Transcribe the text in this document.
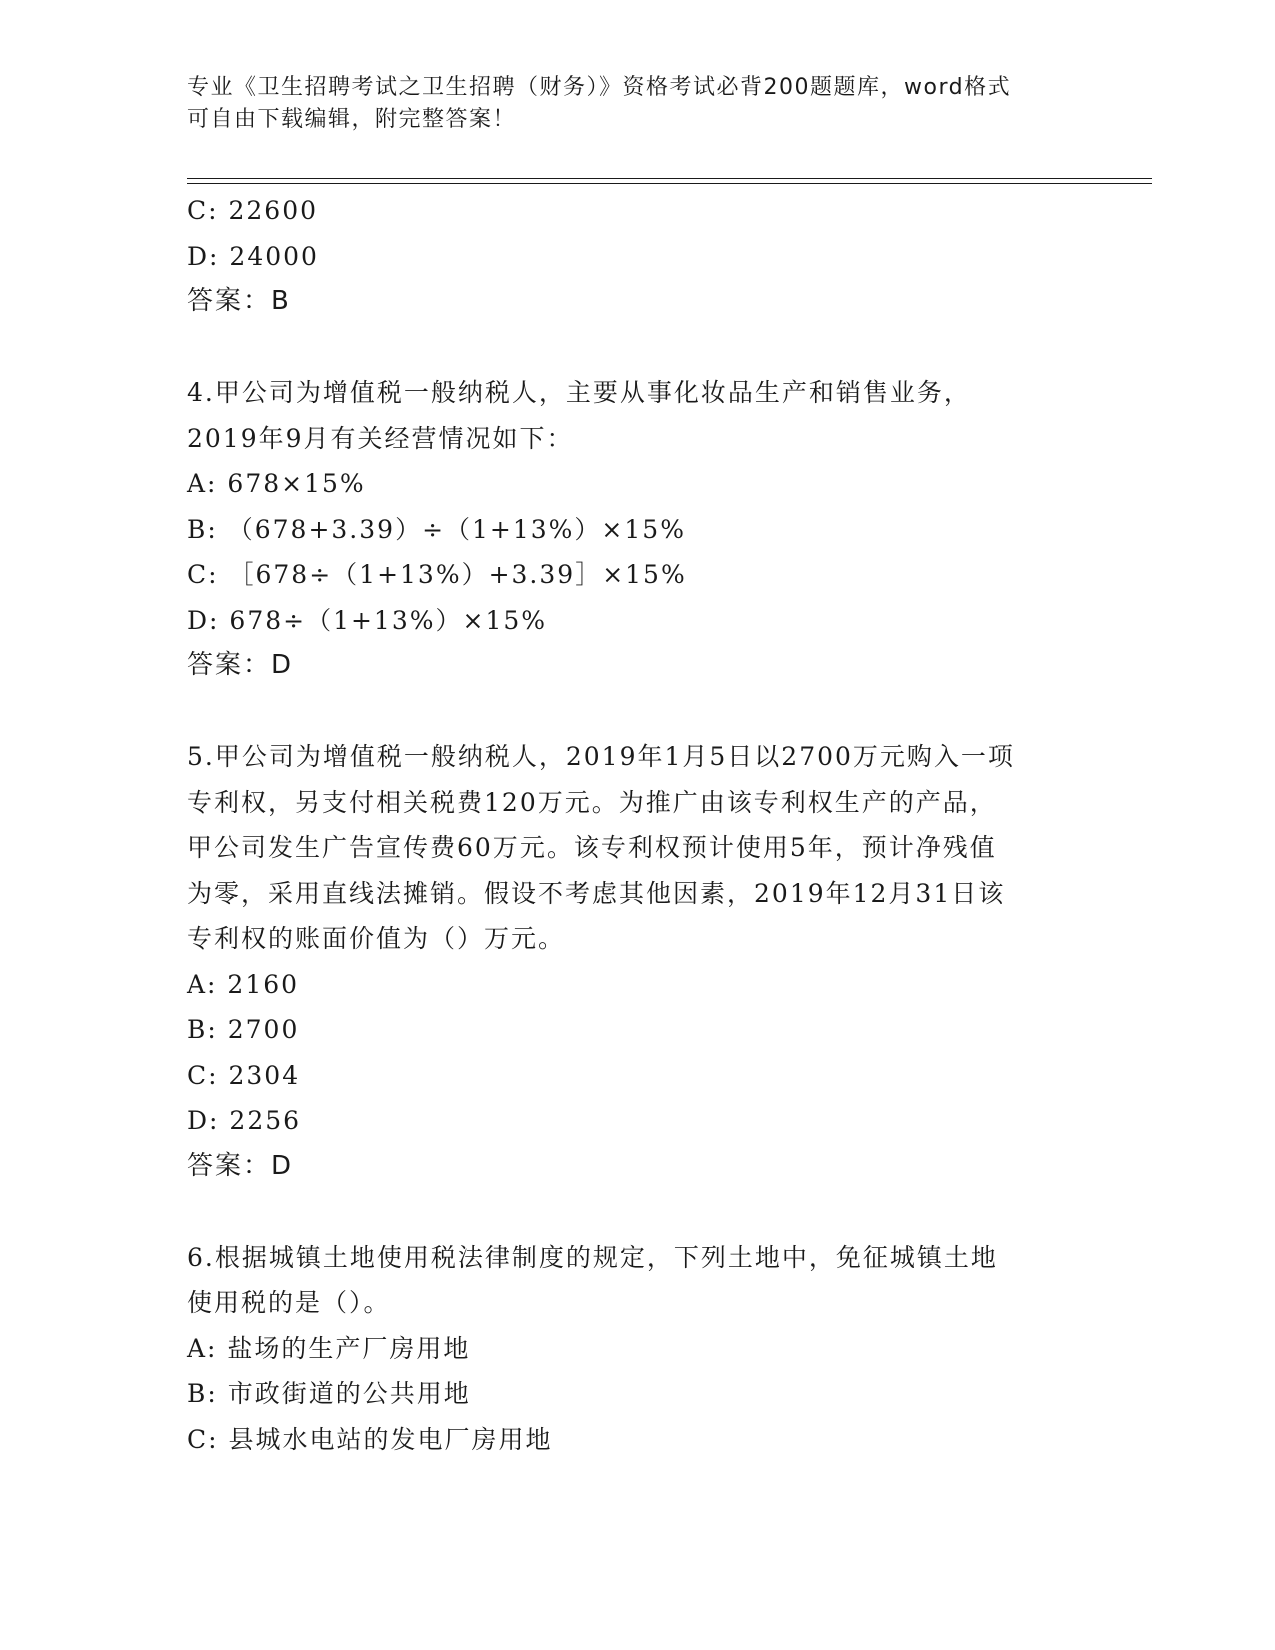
专业《卫生招聘考试之卫生招聘（财务）》资格考试必背200题题库，word格式
可自由下载编辑，附完整答案！
C: 22600
D: 24000
答案：B
4.甲公司为增值税一般纳税人，主要从事化妆品生产和销售业务，
2019年9月有关经营情况如下：
A: 678×15%
B: （678+3.39）÷（1+13%）×15%
C: ［678÷（1+13%）+3.39］×15%
D: 678÷（1+13%）×15%
答案：D
5.甲公司为增值税一般纳税人，2019年1月5日以2700万元购入一项
专利权，另支付相关税费120万元。为推广由该专利权生产的产品，
甲公司发生广告宣传费60万元。该专利权预计使用5年，预计净残值
为零，采用直线法摊销。假设不考虑其他因素，2019年12月31日该
专利权的账面价值为（）万元。
A: 2160
B: 2700
C: 2304
D: 2256
答案：D
6.根据城镇土地使用税法律制度的规定，下列土地中，免征城镇土地
使用税的是（）。
A: 盐场的生产厂房用地
B: 市政街道的公共用地
C: 县城水电站的发电厂房用地
